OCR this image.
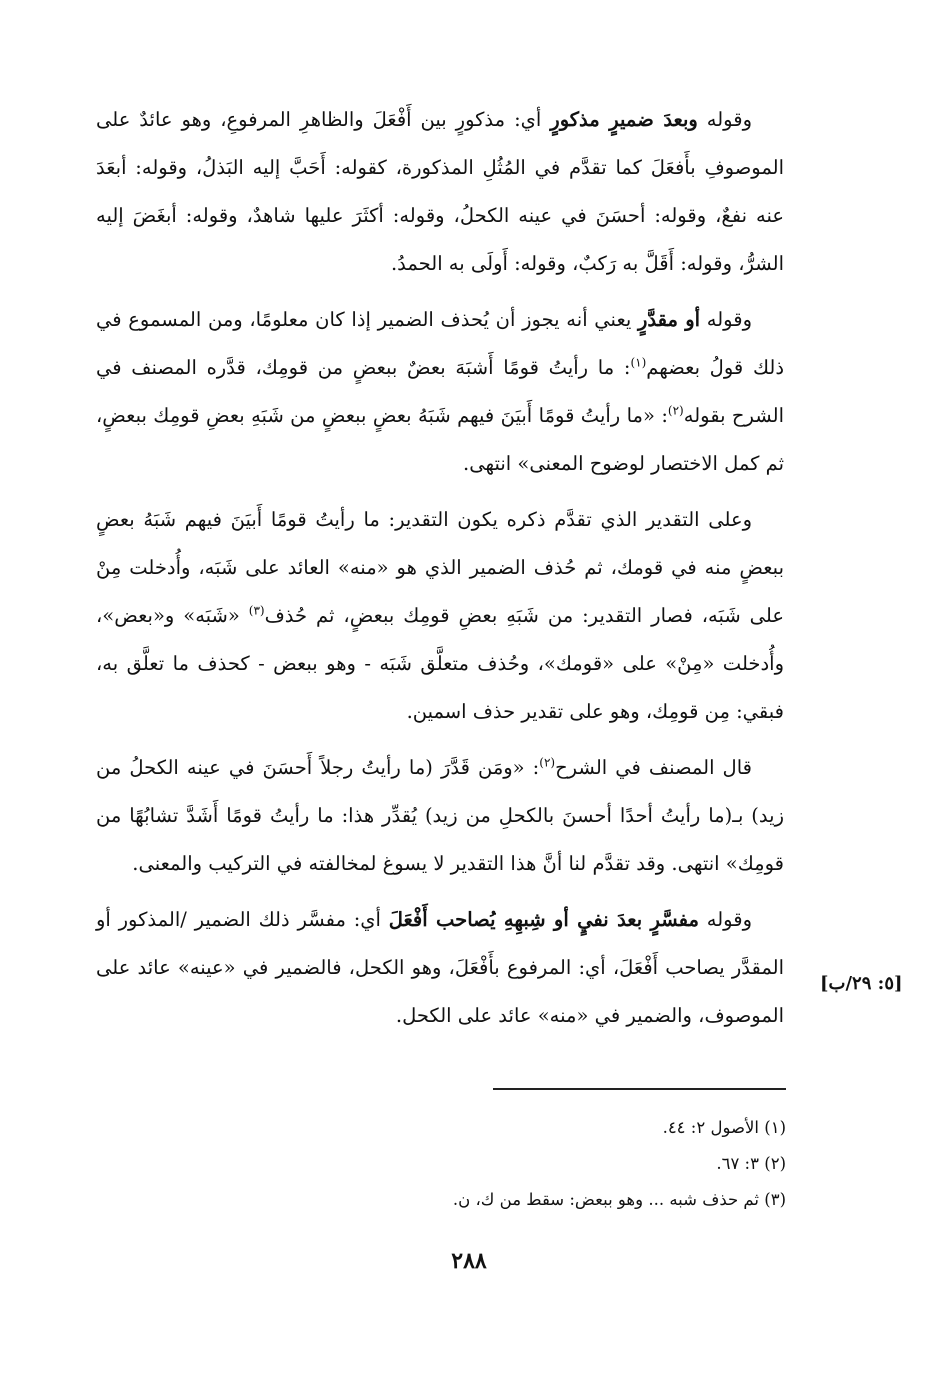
وقوله وبعدَ ضميرٍ مذكورٍ أي: مذكورٍ بين أَفْعَلَ والظاهرِ المرفوعِ، وهو عائدٌ على الموصوفِ بأَفعَلَ كما تقدَّم في المُثُلِ المذكورة، كقوله: أَحَبَّ إليه البَذلُ، وقوله: أبعَدَ عنه نفعٌ، وقوله: أحسَنَ في عينه الكحلُ، وقوله: أكثَرَ عليها شاهدٌ، وقوله: أبغَضَ إليه الشرُّ، وقوله: أَقَلَّ به رَكبٌ، وقوله: أَولَى به الحمدُ.

وقوله أو مقدَّرٍ يعني أنه يجوز أن يُحذف الضمير إذا كان معلومًا، ومن المسموع في ذلك قولُ بعضهم$^{(١)}$: ما رأيتُ قومًا أَشبَهَ بعضٌ ببعضٍ من قومِك، قدَّره المصنف في الشرح بقوله$^{(٢)}$: «ما رأيتُ قومًا أَبيَنَ فيهم شَبَهُ بعضٍ ببعضٍ من شَبَهِ بعضِ قومِك ببعضٍ، ثم كمل الاختصار لوضوح المعنى» انتهى.

وعلى التقدير الذي تقدَّم ذكره يكون التقدير: ما رأيتُ قومًا أَبيَنَ فيهم شَبَهُ بعضٍ ببعضٍ منه في قومك، ثم حُذف الضمير الذي هو «منه» العائد على شَبَه، وأُدخلت مِنْ على شَبَه، فصار التقدير: من شَبَهِ بعضِ قومِك ببعضٍ، ثم حُذف$^{(٣)}$ «شَبَه» و«بعض»، وأُدخلت «مِنْ» على «قومك»، وحُذف متعلَّق شَبَه - وهو ببعض - كحذف ما تعلَّق به، فبقي: مِن قومِك، وهو على تقدير حذف اسمين.

قال المصنف في الشرح$^{(٢)}$: «ومَن قَدَّرَ (ما رأيتُ رجلاً أَحسَنَ في عينه الكحلُ من زيد) بـ(ما رأيتُ أحدًا أحسنَ بالكحلِ من زيد) يُقدِّر هذا: ما رأيتُ قومًا أَشَدَّ تشابُهًا من قومِك» انتهى. وقد تقدَّم لنا أنَّ هذا التقدير لا يسوغ لمخالفته في التركيب والمعنى.

وقوله مفسَّرٍ بعدَ نفيٍ أو شِبهِهِ يُصاحب أَفْعَلَ أي: مفسَّر ذلك الضمير /المذكور أو المقدَّر يصاحب أَفْعَلَ، أي: المرفوع بأَفْعَلَ، وهو الكحل، فالضمير في «عينه» عائد على الموصوف، والضمير في «منه» عائد على الكحل.

[٥: ٢٩/ب]

(١) الأصول ٢: ٤٤.

(٢) ٣: ٦٧.

(٣) ثم حذف شبه ... وهو ببعض: سقط من ك، ن.

٢٨٨
